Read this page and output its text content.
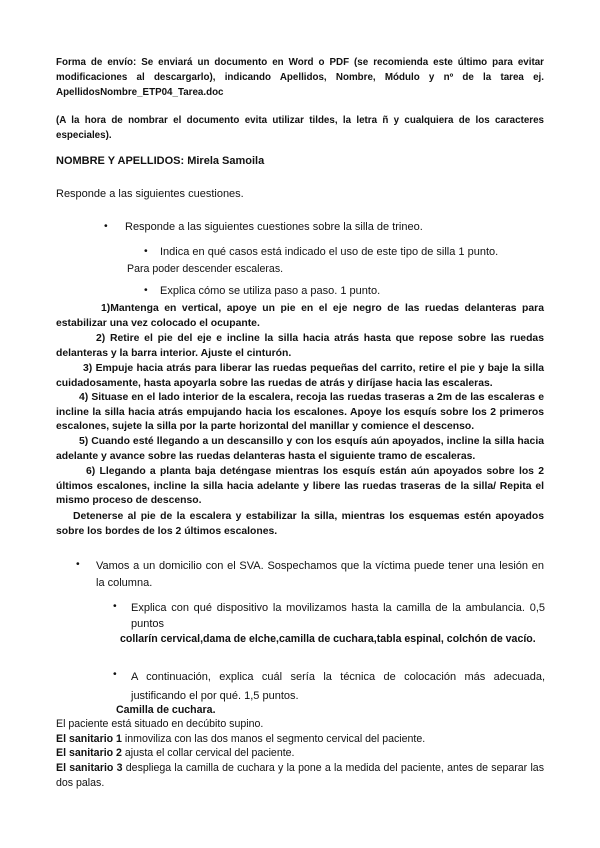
Forma de envío: Se enviará un documento en Word o PDF (se recomienda este último para evitar modificaciones al descargarlo), indicando Apellidos, Nombre, Módulo y nº de la tarea ej. ApellidosNombre_ETP04_Tarea.doc
(A la hora de nombrar el documento evita utilizar tildes, la letra ñ y cualquiera de los caracteres especiales).
NOMBRE Y APELLIDOS: Mirela Samoila
Responde a las siguientes cuestiones.
• Responde a las siguientes cuestiones sobre la silla de trineo.
• Indica en qué casos está indicado el uso de este tipo de silla 1 punto.
Para poder descender escaleras.
• Explica cómo se utiliza paso a paso. 1 punto.
1)Mantenga en vertical, apoye un pie en el eje negro de las ruedas delanteras para estabilizar una vez colocado el ocupante.
2) Retire el pie del eje e incline la silla hacia atrás hasta que repose sobre las ruedas delanteras y la barra interior. Ajuste el cinturón.
3) Empuje hacia atrás para liberar las ruedas pequeñas del carrito, retire el pie y baje la silla cuidadosamente, hasta apoyarla sobre las ruedas de atrás y diríjase hacia las escaleras.
4) Situase en el lado interior de la escalera, recoja las ruedas traseras a 2m de las escaleras e incline la silla hacia atrás empujando hacia los escalones. Apoye los esquís sobre los 2 primeros escalones, sujete la silla por la parte horizontal del manillar y comience el descenso.
5) Cuando esté llegando a un descansillo y con los esquís aún apoyados, incline la silla hacia adelante y avance sobre las ruedas delanteras hasta el siguiente tramo de escaleras.
6) Llegando a planta baja deténgase mientras los esquís están aún apoyados sobre los 2 últimos escalones, incline la silla hacia adelante y libere las ruedas traseras de la silla/ Repita el mismo proceso de descenso.
Detenerse al pie de la escalera y estabilizar la silla, mientras los esquemas estén apoyados sobre los bordes de los 2 últimos escalones.
• Vamos a un domicilio con el SVA. Sospechamos que la víctima puede tener una lesión en la columna.
• Explica con qué dispositivo la movilizamos hasta la camilla de la ambulancia. 0,5 puntos
collarín cervical,dama de elche,camilla de cuchara,tabla espinal, colchón de vacío.
• A continuación, explica cuál sería la técnica de colocación más adecuada, justificando el por qué. 1,5 puntos.
Camilla de cuchara.
El paciente está situado en decúbito supino.
El sanitario 1 inmoviliza con las dos manos el segmento cervical del paciente.
El sanitario 2 ajusta el collar cervical del paciente.
El sanitario 3 despliega la camilla de cuchara y la pone a la medida del paciente, antes de separar las dos palas.
